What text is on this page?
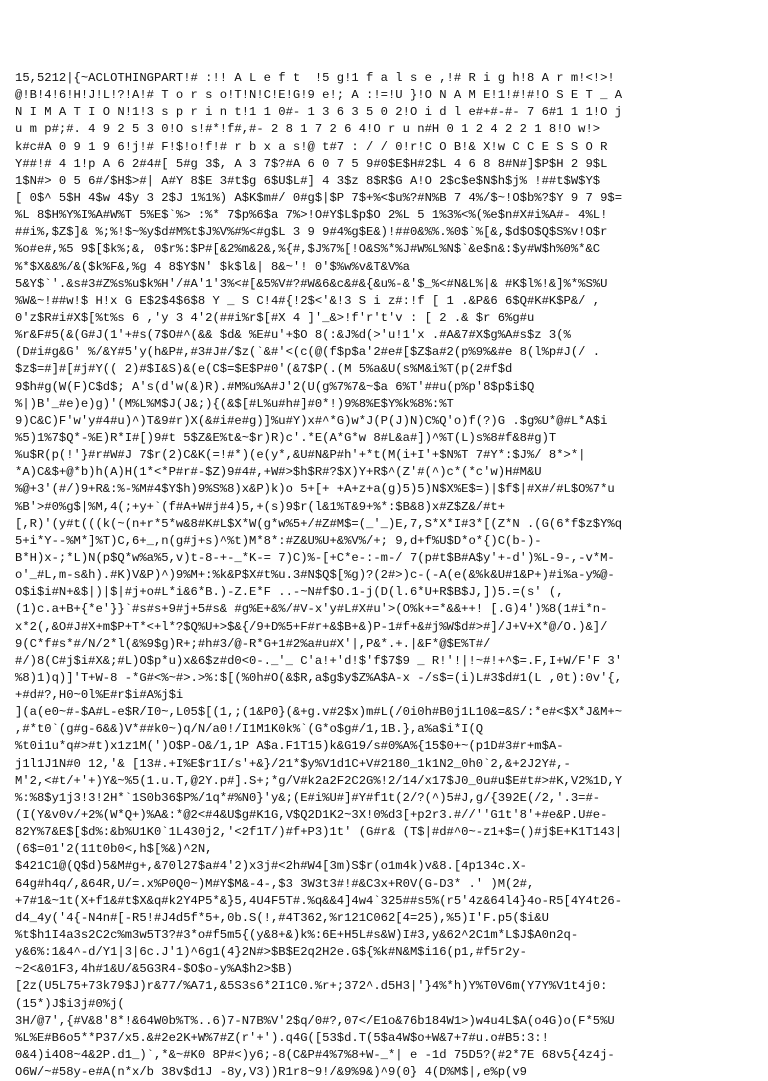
15,5212|{~ACLOTHINGPART!# :!! A L e f t  !5 g!1 f a l s e ,!# R i g h!8 A r m!<!>!
@!B!4!6!H!J!L!?!A!# T o r s o!T!N!C!E!G!9 e!; A :!=!U }!O N A M E!1!#!#!O S E T _ A
N I M A T I O N!1!3 s p r i n t!1 1 0#- 1 3 6 3 5 0 2!O i d l e#+#-#- 7 6#1 1 1!O j
u m p#;#. 4 9 2 5 3 0!O s!#*!f#,#- 2 8 1 7 2 6 4!O r u n#H 0 1 2 4 2 2 1 8!O w!>
k#c#A 0 9 1 9 6!j!# F!$!o!f!# r b x a s!@ t#7 : / / 0!r!C O B!& X!w C C E S S O R
Y##!# 4 1!p A 6 2#4#[ 5#g 3$, A 3 7$?#A 6 0 7 5 9#0$E$H#2$L 4 6 8 8#N#]$P$H 2 9$L
1$N#> 0 5 6#/$H$>#| A#Y 8$E 3#t$g 6$U$L#] 4 3$z 8$R$G A!O 2$c$e$N$h$j% !##t$W$Y$
[ 0$^ 5$H 4$w 4$y 3 2$J 1%1%) A$K$m#/ 0#g$|$P 7$+%<$u%?#N%B 7 4%/$~!O$b%?$Y 9 7 9$=
%L 8$H%Y%I%A#W%T 5%E$`%> :%* 7$p%6$a 7%>!O#Y$L$p$O 2%L 5 1%3%<%(%e$n#X#i%A#- 4%L!
##i%,$Z$]& %;%!$~%y$d#M%t$J%V%#%<#g$L 3 9 9#4%g$E&)!##0&%%.%0$`%[&,$d$O$Q$S%v!O$r
%o#e#,%5 9$[$k%;&, 0$r%:$P#[&2%m&2&,%{#,$J%7%[!O&S%*%J#W%L%N$`&e$n&:$y#W$h%0%*&C
%*$X&&%/&($k%F&,%g 4 8$Y$N' $k$l&| 8&~'! 0'$%w%v&T&V%a
5&Y$`'.&s#3#Z%s%u$k%H'/#A'1'3%<#[&5%V#?#W&6&c&#&{&u%-&'$_%<#N&L%|& #K$l%!&]%*%S%U
%W&~!##w!$ H!x G E$2$4$6$8 Y _ S C!4#{!2$<'&!3 S i z#:!f [ 1 .&P&6 6$Q#K#K$P&/ ,
0'z$R#i#X$[%t%s 6 ,'y 3 4'2(##i%r$[#X 4 ]'_&>!f'r't'v : [ 2 .& $r 6%g#u
%r&F#5(&(G#J(1'+#s(7$O#^(&& $d& %E#u'+$O 8(:&J%d(>'u!1'x .#A&7#X$g%A#s$z 3(%
(D#i#g&G' %/&Y#5'y(h&P#,#3#J#/$z(`&#'<(c(@(f$p$a'2#e#[$Z$a#2(p%9%&#e 8(l%p#J(/ .
$z$=#]#[#j#Y(( 2)#$I&S)&(e(C$=$E$P#0'(&7$P(.(M 5%a&U(s%M&i%T(p(2#f$d
9$h#g(W(F)C$d$; A's(d'w(&)R).#M%u%A#J'2(U(g%7%7&~$a 6%T'##u(p%p'8$p$i$Q
%|)B'_#e)e)g)'(M%L%M$J(J&;){(&$[#L%u#h#]#0*!)9%8%E$Y%k%8%:%T
9)C&C)F'w'y#4#u)^)T&9#r)X(&#i#e#g)]%u#Y)x#^*G)w*J(P(J)N)C%Q'o)f(?)G .$g%U*@#L*A$i
%5)1%7$Q*-%E)R*I#[)9#t 5$Z&E%t&~$r)R)c'.*E(A*G*w 8#L&a#])^%T(L)s%8#f&8#g)T
%u$R(p(!'}#r#W#J 7$r(2)C&K(=!#*)(e(y*,&U#N&P#h'+*t(M(i+I'+$N%T 7#Y*:$J%/ 8*>*|
*A)C&$+@*b)h(A)H(1*<*P#r#-$Z)9#4#,+W#>$h$R#?$X)Y+R$^(Z'#(^)c*(*c'w)H#M&U
%@+3'(#/)9+R&:%-%M#4$Y$h)9%S%8)x&P)k)o 5+[+ +A+z+a(g)5)5)N$X%E$=)|$f$|#X#/#L$O%7*u
%B'>#0%g$|%M,4(;+y+`(f#A+W#j#4)5,+(s)9$r(l&1%T&9+%*:$B&8)x#Z$Z&/#t+
[,R)'(y#t(((k(~(n+r*5*w&8#K#L$X*W(g*w%5+/#Z#M$=(_'_)E,7,S*X*I#3*[(Z*N .(G(6*f$z$Y%q
5+i*Y--%M*]%T)C,6+_,n(g#j+s)^%t)M*8*:#Z&U%U+&%V%/+; 9,d+f%U$D*o*{)C(b-)-
B*H)x-;*L)N(p$Q*w%a%5,v)t-8-+-_*K-= 7)C)%-[+C*e-:-m-/ 7(p#t$B#A$y'+-d')%L-9-,-v*M-
o'_#L,m-s&h).#K)V&P)^)9%M+:%k&P$X#t%u.3#N$Q$[%g)?(2#>)c-(-A(e(&%k&U#1&P+)#i%a-y%@-
O$i$i#N+&$|)|$|#j+o#L*i&6*B.)-Z.E*F ..-~N#f$O.1-j(D(l.6*U+R$B$J,])5.=(s' (,
(1)c.a+B+{*e'}}`#s#s+9#j+5#s& #g%E+&%/#V-x'y#L#X#u'>(O%k+=*&&++! [.G)4')%8(1#i*n-
x*2(,&O#J#X+m$P+T*<+l*?$Q%U+>$&{/9+D%5+F#r+&$B+&)P-1#f+&#j%W$d#>#]/J+V+X*@/O.)&]/
9(C*f#s*#/N/2*l(&%9$g)R+;#h#3/@-R*G+1#2%a#u#X'|,P&*.+.|&F*@$E%T#/
#/)8(C#j$i#X&;#L)O$p*u)x&6$z#d0<0-._'_ C'a!+'d!$'f$7$9 _ R!'!|!~#!+^$=.F,I+W/F'F 3'
%8)1)q)]'T+W-8 -*G#<%~#>.>%:$[(%0h#O(&$R,a$g$y$Z%A$A-x -/s$=(i)L#3$d#1(L ,0t):0v'{,
+#d#?,H0~0l%E#r$i#A%j$i
](a(e0~#-$A#L-e$R/I0~,L05$[(1,;(1&P0}(&+g.v#2$x)m#L(/0i0h#B0j1L10&=&S/:*e#<$X*J&M+~
,#*t0`(g#g-6&&)V*##k0~)q/N/a0!/I1M1K0k%`(G*o$g#/1,1B.},a%a$i*I(Q
%t0i1u*q#>#t)x1z1M(')O$P-O&/1,1P A$a.F1T15)k&G19/s#0%A%{15$0+~(p1D#3#r+m$A-
j1l1J1N#0 12,'& [13#.+I%E$r1I/s'+&}/21*$y%V1d1C+V#2180_1k1N2_0h0`2,&+2J2Y#,-
M'2,<#t/+'+)Y&~%5(1.u.T,@2Y.p#].S+;*g/V#k2a2F2C2G%!2/14/x17$J0_0u#u$E#t#>#K,V2%1D,Y
%:%8$y1j3!3!2H*`1S0b36$P%/1q*#%N0}'y&;(E#i%U#]#Y#f1t(2/?(^)5#J,g/{392E(/2,'.3=#-
(I(Y&v0v/+2%(W*Q+)%A&:*@2<#4&U$g#K1G,V$Q2D1K2~3X!0%d3[+p2r3.#//''G1t'8'+#e&P.U#e-
82Y%7&E$[$d%:&b%U1K0`1L430j2,'<2f1T/)#f+P3)1t' (G#r& (T$|#d#^0~-z1+$=()#j$E+K1T143|
(6$=01'2(11t0b0<,h$[%&)^2N,
$421C1@(Q$d)5&M#g+,&70l27$a#4'2)x3j#<2h#W4[3m)S$r(o1m4k)v&8.[4p134c.X-
64g#h4q/,&64R,U/=.x%P0Q0~)M#Y$M&-4-,$3 3W3t3#!#&C3x+R0V(G-D3* .' )M(2#,
+7#1&~1t(X+f1&#t$X&q#k2Y4P5*&}5,4U4F5T#.%q&&4]4w4`325##s5%(r5'4z&64l4}4o-R5[4Y4t26-
d4_4y('4{-N4n#[-R5!#J4d5f*5+,0b.S(!,#4T362,%r121C062[4=25),%5)I'F.p5($i&U
%t$h1I4a3s2C2c%m3w5T3?#3*o#f5m5{(y&8+&)k%:6E+H5L#s&W)I#3,y&62^2C1m*L$J$A0n2q-
y&6%:1&4^-d/Y1|3|6c.J'1)^6g1(4}2N#>$B$E2q2H2e.G${%k#N&M$i16(p1,#f5r2y-
~2<&01F3,4h#1&U/&5G3R4-$O$o-y%A$h2>$B)
[2z(U5L75+73k79$J)r&77/%A71,&5S3s6*2I1C0.%r+;372^.d5H3|'}4%*h)Y%T0V6m(Y7Y%V1t4j0:
(15*)J$i3j#0%j(
3H/@7',{#V&8'8*!&64W0b%T%..6)7-N7B%V'2$q/0#?,07</E1o&76b184W1>)w4u4L$A(o4G)o(F*5%U
%L%E#B6o5**P37/x5.&#2e2K+W%7#Z(r'+').q4G([53$d.T(5$a4W$o+W&7+7#u.o#B5:3:!
0&4)i4O8~4&2P.d1_)`,*&~#K0 8P#<)y6;-8(C&P#4%7%8+W-_*| e -1d 75D5?(#2*7E 68v5{4z4j-
O6W/~#58y-e#A(n*x/b 38v$d1J -8y,V3))R1r8~9!/&9%9&)^9(0} 4(D%M$|,e%p(v9
